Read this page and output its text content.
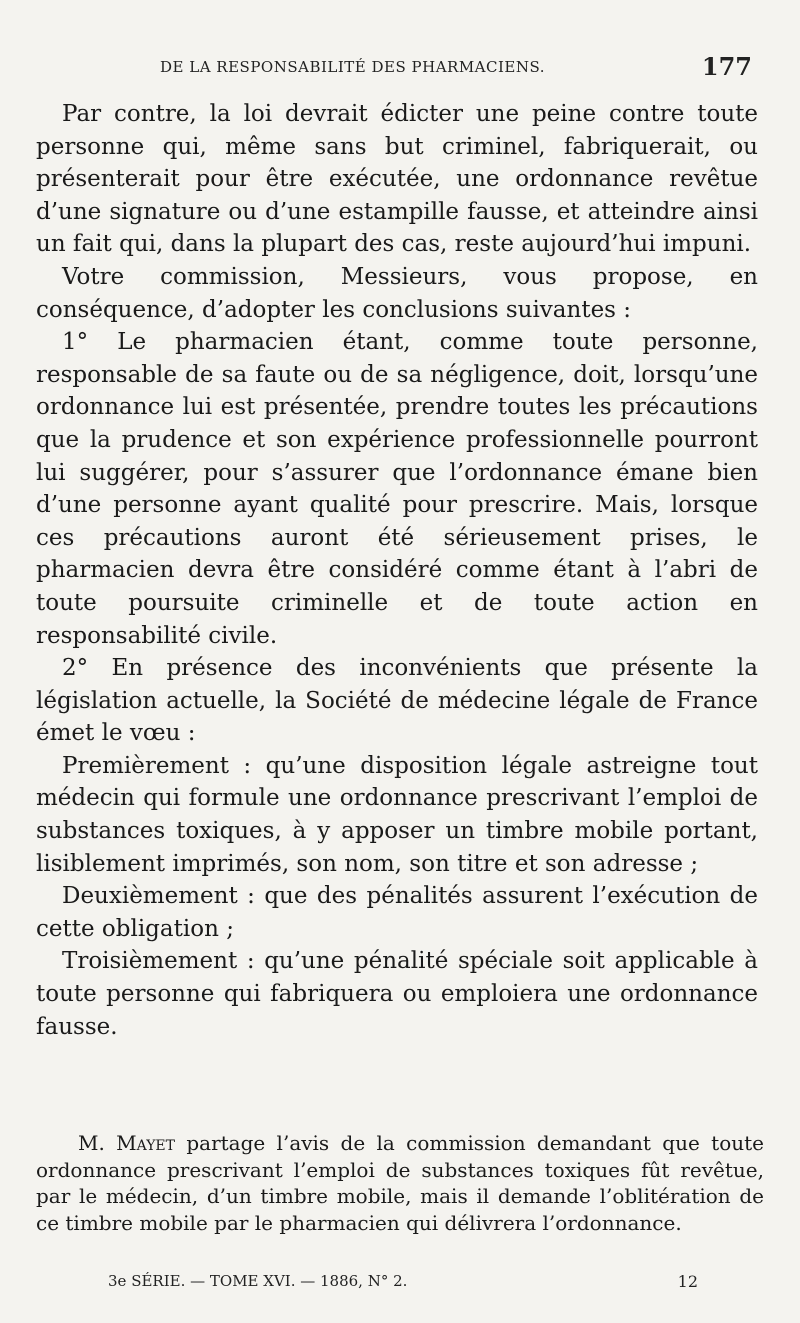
DE LA RESPONSABILITÉ DES PHARMACIENS.	177

Par contre, la loi devrait édicter une peine contre toute personne qui, même sans but criminel, fabriquerait, ou présenterait pour être exécutée, une ordonnance revêtue d’une signature ou d’une estampille fausse, et atteindre ainsi un fait qui, dans la plupart des cas, reste aujourd’hui impuni.

Votre commission, Messieurs, vous propose, en conséquence, d’adopter les conclusions suivantes :

1° Le pharmacien étant, comme toute personne, responsable de sa faute ou de sa négligence, doit, lorsqu’une ordonnance lui est présentée, prendre toutes les précautions que la prudence et son expérience professionnelle pourront lui suggérer, pour s’assurer que l’ordonnance émane bien d’une personne ayant qualité pour prescrire. Mais, lorsque ces précautions auront été sérieusement prises, le pharmacien devra être considéré comme étant à l’abri de toute poursuite criminelle et de toute action en responsabilité civile.

2° En présence des inconvénients que présente la législation actuelle, la Société de médecine légale de France émet le vœu :

Premièrement : qu’une disposition légale astreigne tout médecin qui formule une ordonnance prescrivant l’emploi de substances toxiques, à y apposer un timbre mobile portant, lisiblement imprimés, son nom, son titre et son adresse ;

Deuxièmement : que des pénalités assurent l’exécution de cette obligation ;

Troisièmement : qu’une pénalité spéciale soit applicable à toute personne qui fabriquera ou emploiera une ordonnance fausse.

M. Mayet partage l’avis de la commission demandant que toute ordonnance prescrivant l’emploi de substances toxiques fût revêtue, par le médecin, d’un timbre mobile, mais il demande l’oblitération de ce timbre mobile par le pharmacien qui délivrera l’ordonnance.

3e SÉRIE. — TOME XVI. — 1886, N° 2.	12
